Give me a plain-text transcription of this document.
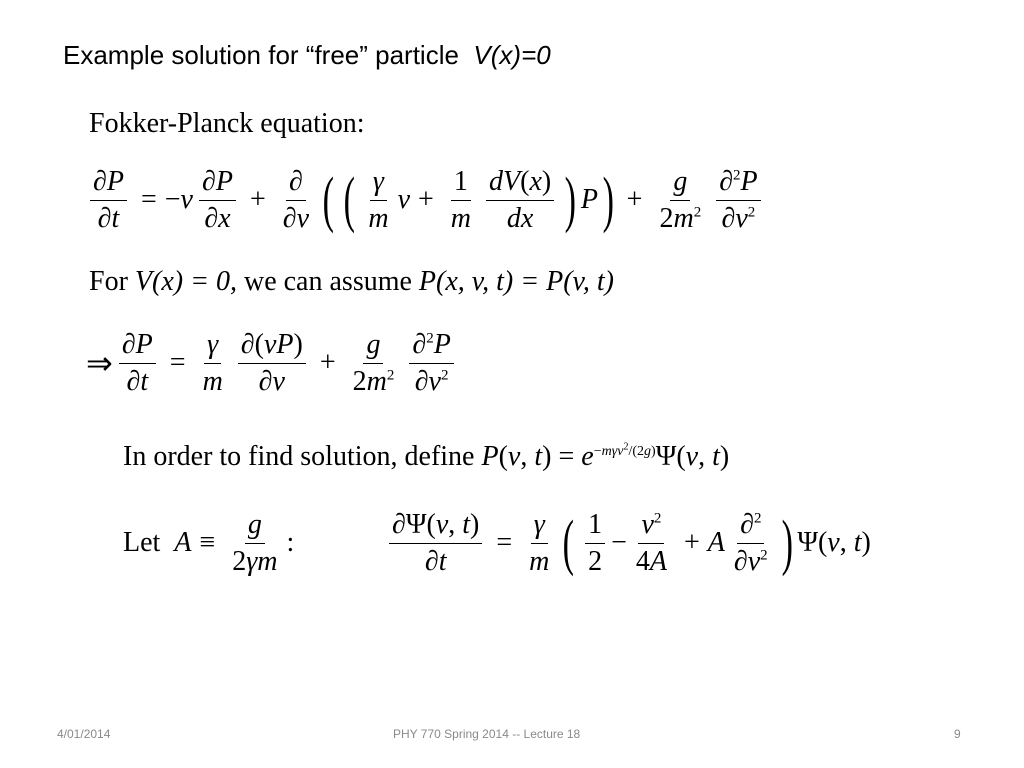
Example solution for “free” particle V(x)=0
Fokker-Planck equation:
$\frac{\partial P}{\partial t} = -v \frac{\partial P}{\partial x} + \frac{\partial}{\partial v}$ ( ( $\frac{\gamma}{m}$ $v + \frac{1}{m} \frac{dV(x)}{dx}$ ) P ) + $\frac{g}{2m^2} \frac{\partial^2P}{\partial v^2}$
For V(x) = 0, we can assume P(x, v, t) = P(v, t)
⇒ $\frac{\partial P}{\partial t} = \frac{\gamma}{m} \frac{\partial(vP)}{\partial v} + \frac{g}{2m^2} \frac{\partial^2P}{\partial v^2}$
In order to find solution, define P(v, $t) = e^{-m\gamma v^2/(2g)}\Psi(v$, t)
Let $A \equiv \frac{g}{2\gamma m}$ :	$\frac{\partial\Psi(v, t)}{\partial t} = \frac{\gamma}{m}$ ( $\frac{1}{2} - \frac{v^2}{4A} + A \frac{\partial^2}{\partial v^2}$ ) Ψ(v, t)
4/01/2014	PHY 770 Spring 2014 -- Lecture 18	9
